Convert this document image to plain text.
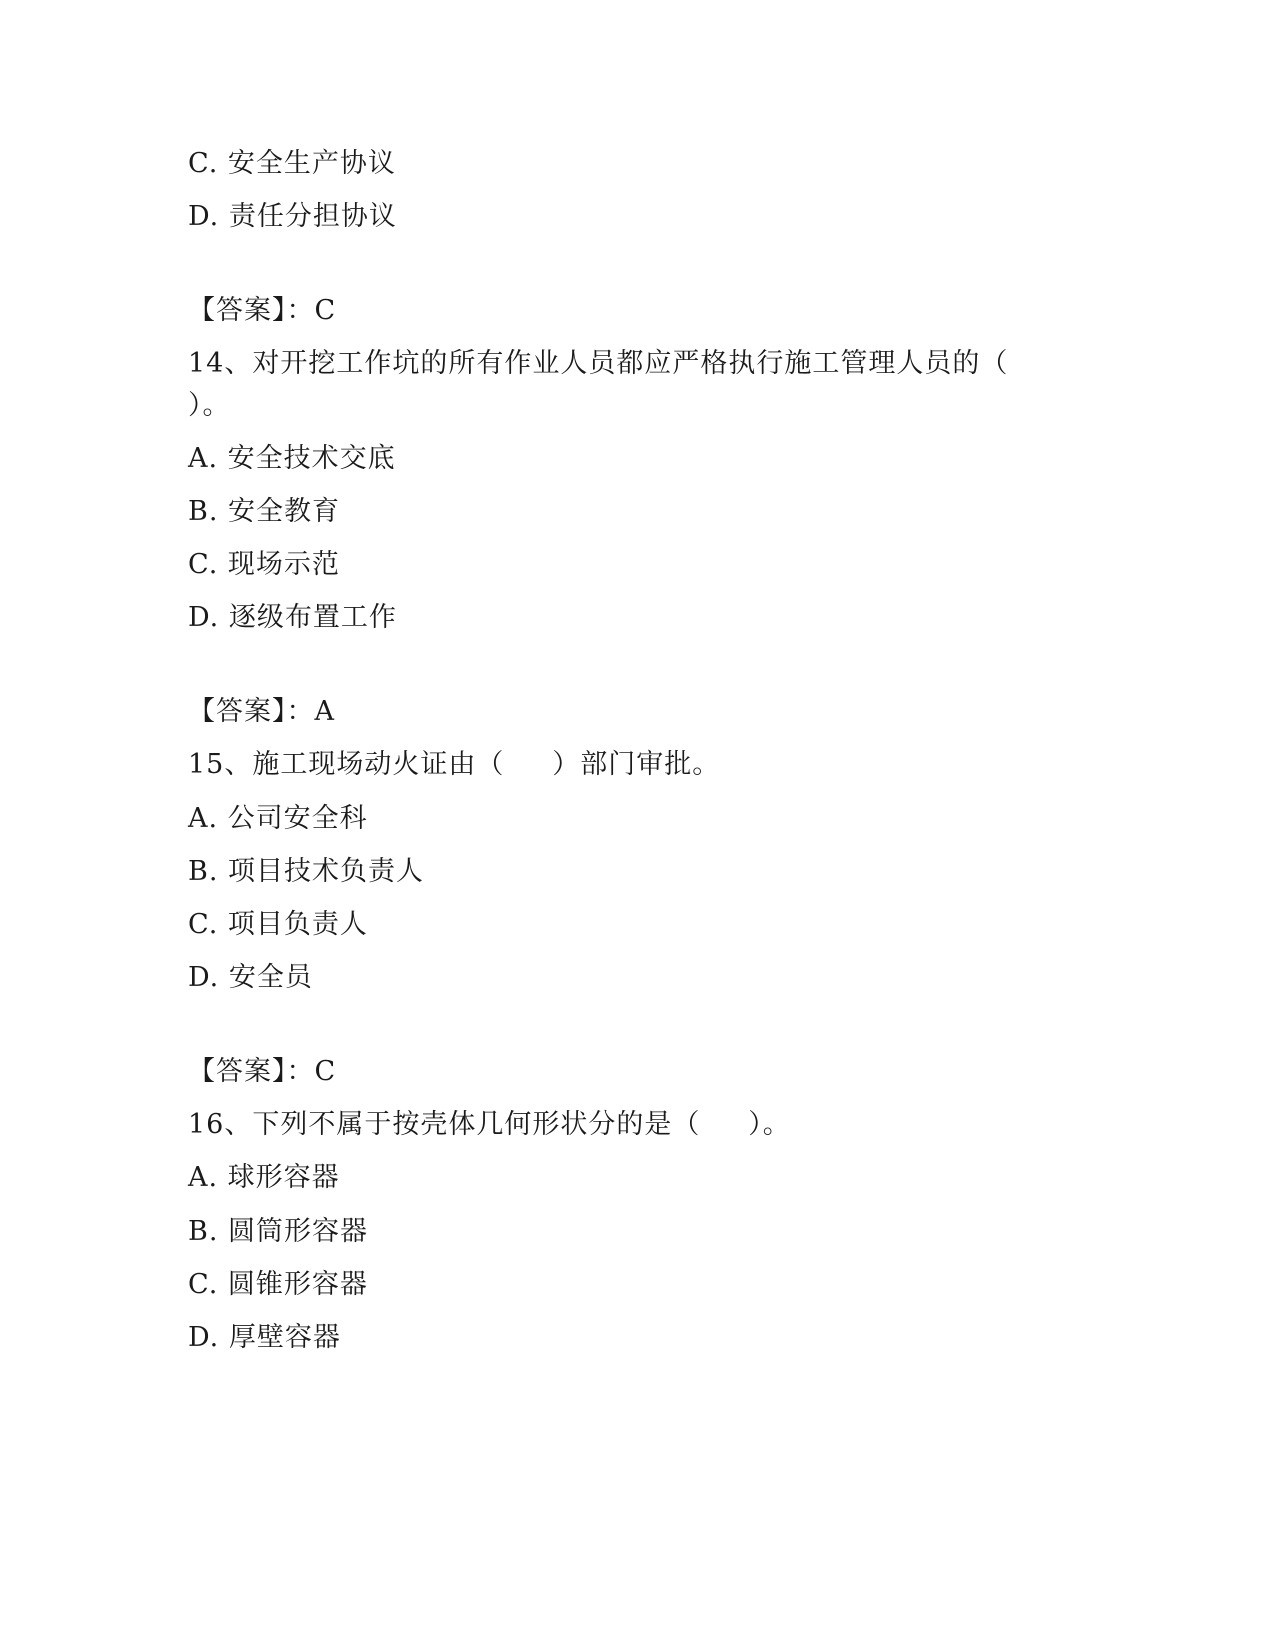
C. 安全生产协议
D. 责任分担协议
【答案】：C
14、对开挖工作坑的所有作业人员都应严格执行施工管理人员的（
）。
A. 安全技术交底
B. 安全教育
C. 现场示范
D. 逐级布置工作
【答案】：A
15、施工现场动火证由（     ）部门审批。
A. 公司安全科
B. 项目技术负责人
C. 项目负责人
D. 安全员
【答案】：C
16、下列不属于按壳体几何形状分的是（     ）。
A. 球形容器
B. 圆筒形容器
C. 圆锥形容器
D. 厚壁容器
